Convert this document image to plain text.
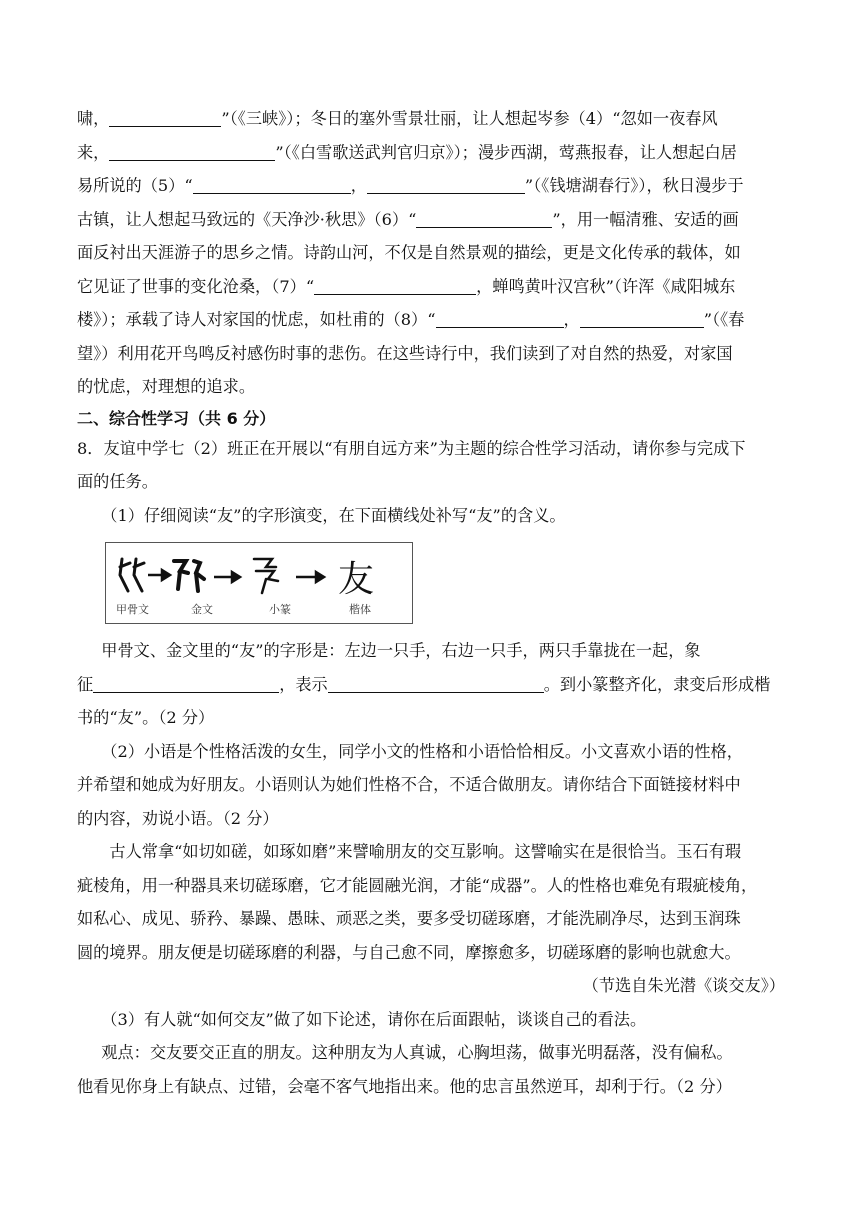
啸，	”（《三峡》）；冬日的塞外雪景壮丽，让人想起岑参（4）“忽如一夜春风

来，	”（《白雪歌送武判官归京》）；漫步西湖，莺燕报春，让人想起白居

易所说的（5）“	，	”（《钱塘湖春行》），秋日漫步于

古镇，让人想起马致远的《天净沙·秋思》（6）“	”，用一幅清雅、安适的画

面反衬出天涯游子的思乡之情。诗韵山河，不仅是自然景观的描绘，更是文化传承的载体，如

它见证了世事的变化沧桑，（7）“	，蝉鸣黄叶汉宫秋”（许浑《咸阳城东

楼》）；承载了诗人对家国的忧虑，如杜甫的（8）“	，	”（《春

望》）利用花开鸟鸣反衬感伤时事的悲伤。在这些诗行中，我们读到了对自然的热爱，对家国

的忧虑，对理想的追求。

二、综合性学习（共 6 分）

8．友谊中学七（2）班正在开展以“有朋自远方来”为主题的综合性学习活动，请你参与完成下

面的任务。

（1）仔细阅读“友”的字形演变，在下面横线处补写“友”的含义。

友
甲骨文	金文	小篆	楷体

甲骨文、金文里的“友”的字形是：左边一只手，右边一只手，两只手靠拢在一起，象

征	，表示	。到小篆整齐化，隶变后形成楷

书的“友”。（2 分）

（2）小语是个性格活泼的女生，同学小文的性格和小语恰恰相反。小文喜欢小语的性格，

并希望和她成为好朋友。小语则认为她们性格不合，不适合做朋友。请你结合下面链接材料中

的内容，劝说小语。（2 分）

古人常拿“如切如磋，如琢如磨”来譬喻朋友的交互影响。这譬喻实在是很恰当。玉石有瑕

疵棱角，用一种器具来切磋琢磨，它才能圆融光润，才能“成器”。人的性格也难免有瑕疵棱角，

如私心、成见、骄矜、暴躁、愚昧、顽恶之类，要多受切磋琢磨，才能洗刷净尽，达到玉润珠

圆的境界。朋友便是切磋琢磨的利器，与自己愈不同，摩擦愈多，切磋琢磨的影响也就愈大。

（节选自朱光潜《谈交友》）

（3）有人就“如何交友”做了如下论述，请你在后面跟帖，谈谈自己的看法。

观点：交友要交正直的朋友。这种朋友为人真诚，心胸坦荡，做事光明磊落，没有偏私。

他看见你身上有缺点、过错，会毫不客气地指出来。他的忠言虽然逆耳，却利于行。（2 分）
